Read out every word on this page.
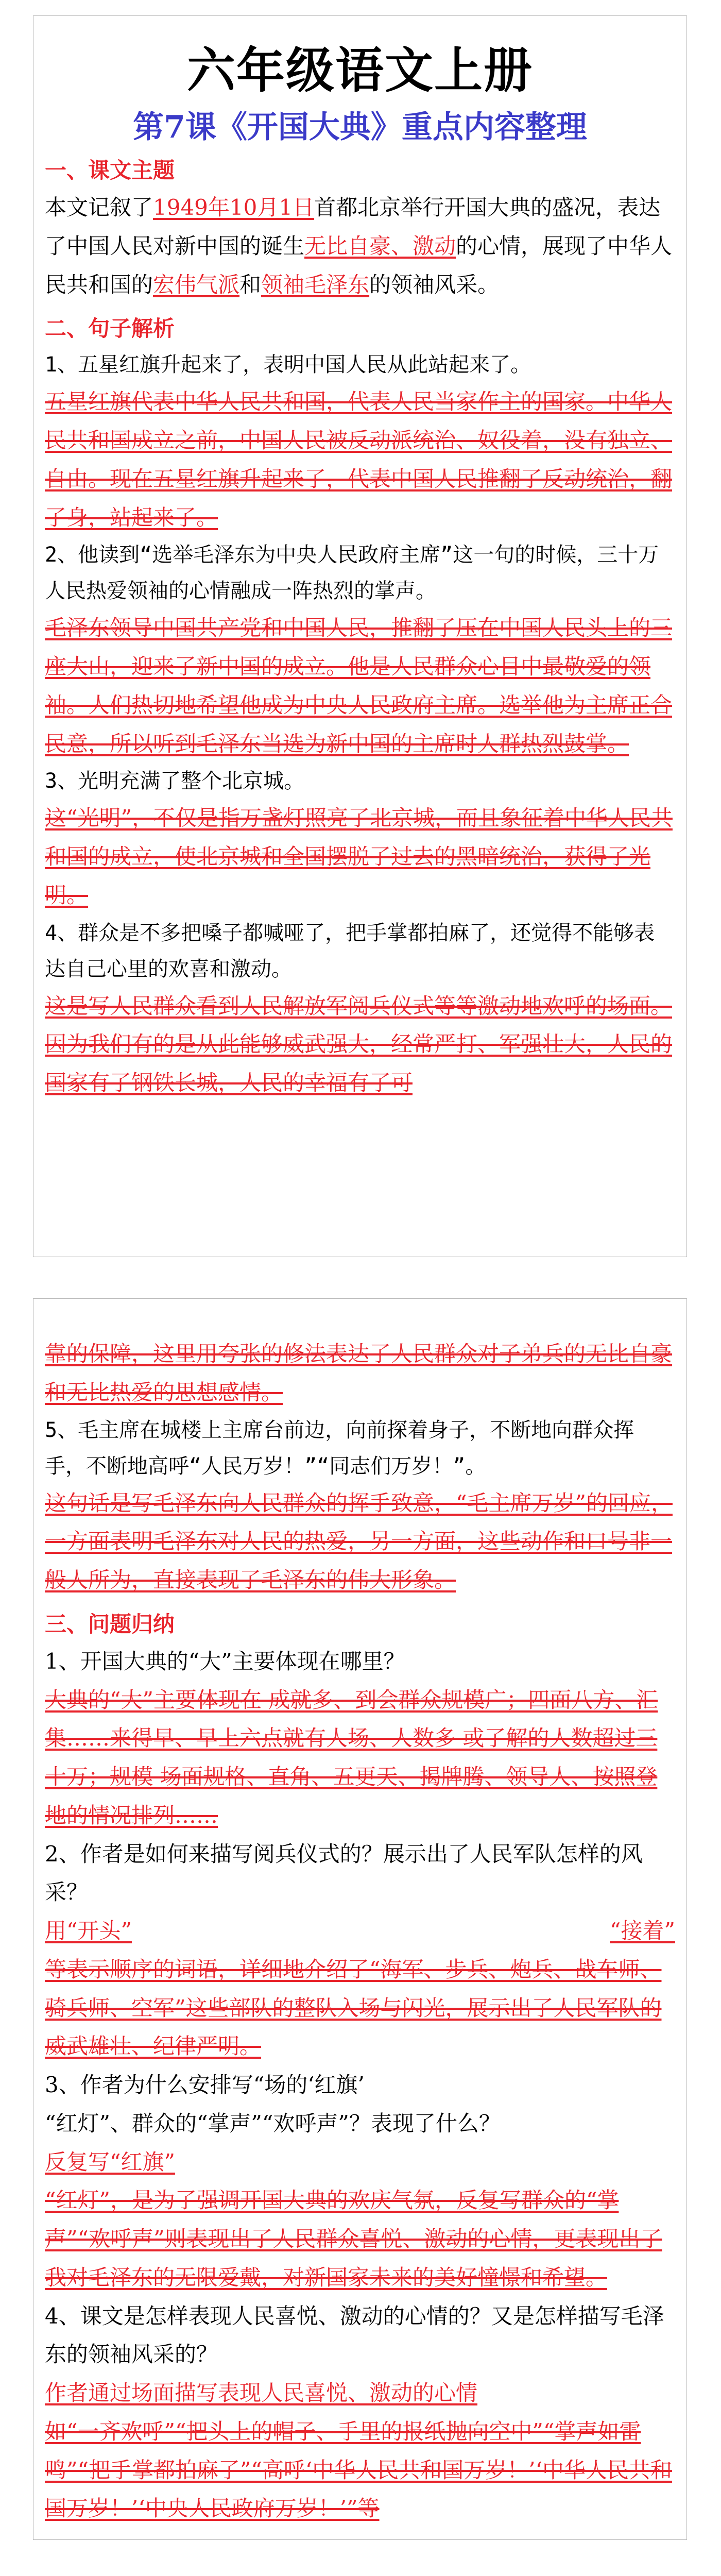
六年级语文上册
第7课《开国大典》重点内容整理
一、课文主题

本文记叙了1949年10月1日首都北京举行开国大典的盛况，表达了中国人民对新中国的诞生无比自豪、激动的心情，展现了中华人民共和国的宏伟气派和领袖毛泽东的领袖风采。

二、句子解析

1、五星红旗升起来了，表明中国人民从此站起来了。

五星红旗代表中华人民共和国，代表人民当家作主的国家。中华人民共和国成立之前，中国人民被反动派统治、奴役着，没有独立、自由。现在五星红旗升起来了，代表中国人民推翻了反动统治，翻了身，站起来了。

2、他读到“选举毛泽东为中央人民政府主席”这一句的时候，三十万人民热爱领袖的心情融成一阵热烈的掌声。

毛泽东领导中国共产党和中国人民，推翻了压在中国人民头上的三座大山，迎来了新中国的成立。他是人民群众心目中最敬爱的领袖。人们热切地希望他成为中央人民政府主席。选举他为主席正合民意，所以听到毛泽东当选为新中国的主席时人群热烈鼓掌。

3、光明充满了整个北京城。

这“光明”，不仅是指万盏灯照亮了北京城，而且象征着中华人民共和国的成立，使北京城和全国摆脱了过去的黑暗统治，获得了光明。

4、群众是不多把嗓子都喊哑了，把手掌都拍麻了，还觉得不能够表达自己心里的欢喜和激动。

这是写人民群众看到人民解放军阅兵仪式等等激动地欢呼的场面。因为我们有的是从此能够威武强大，经常严打、军强壮大，人民的国家有了钢铁长城，人民的幸福有了可

靠的保障，这里用夸张的修法表达了人民群众对子弟兵的无比自豪和无比热爱的思想感情。

5、毛主席在城楼上主席台前边，向前探着身子，不断地向群众挥手，不断地高呼“人民万岁！”“同志们万岁！”。

这句话是写毛泽东向人民群众的挥手致意，“毛主席万岁”的回应，一方面表明毛泽东对人民的热爱，另一方面，这些动作和口号非一般人所为，直接表现了毛泽东的伟大形象。

三、问题归纳

1、开国大典的“大”主要体现在哪里？

大典的“大”主要体现在 成就多、到会群众规模广；四面八方、汇集……来得早、早上六点就有人场、人数多 或了解的人数超过三十万；规模 场面规格、直角、五更天、揭牌腾、领导人、按照登地的情况排列……

2、作者是如何来描写阅兵仪式的？展示出了人民军队怎样的风采？

用“开头”	“接着”

等表示顺序的词语，详细地介绍了“海军、步兵、炮兵、战车师、骑兵师、空军”这些部队的整队入场与闪光，展示出了人民军队的威武雄壮、纪律严明。

3、作者为什么安排写“场的‘红旗’

“红灯”、群众的“掌声”“欢呼声”？表现了什么？

反复写“红旗”

“红灯”，是为了强调开国大典的欢庆气氛，反复写群众的“掌声”“欢呼声”则表现出了人民群众喜悦、激动的心情，更表现出了我对毛泽东的无限爱戴，对新国家未来的美好憧憬和希望。

4、课文是怎样表现人民喜悦、激动的心情的？又是怎样描写毛泽东的领袖风采的？

作者通过场面描写表现人民喜悦、激动的心情

如“一齐欢呼”“把头上的帽子、手里的报纸抛向空中”“掌声如雷鸣”“把手掌都拍麻了”“高呼‘中华人民共和国万岁！’‘中华人民共和国万岁！’‘中央人民政府万岁！’”等
